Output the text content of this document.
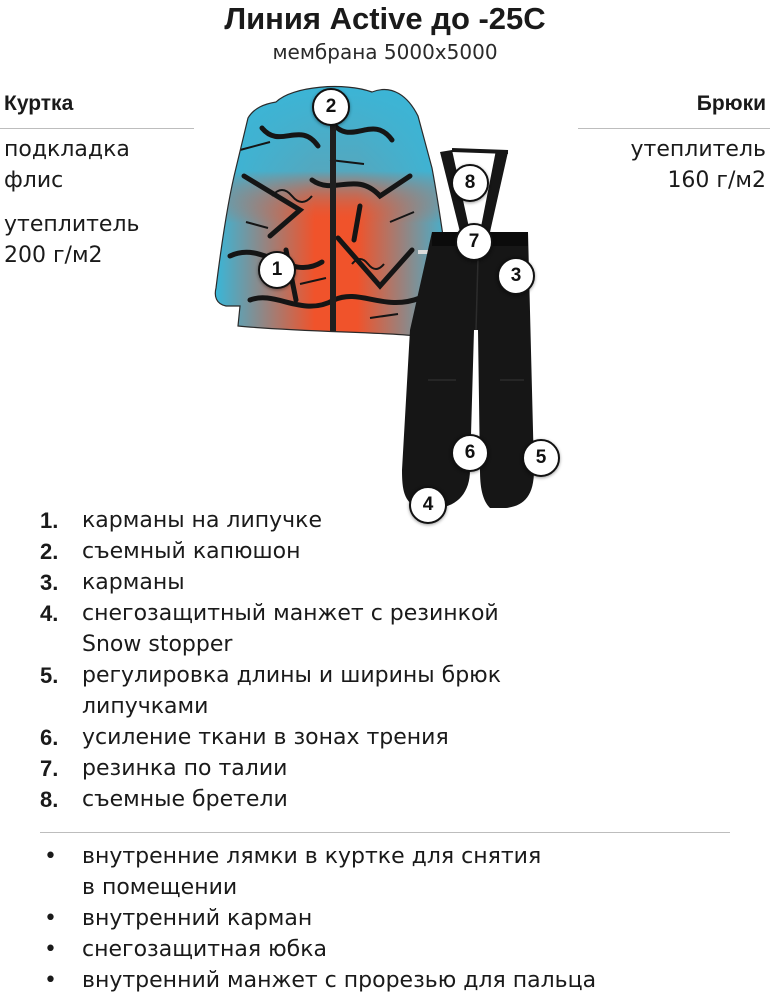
Линия Active до -25С
мембрана 5000х5000
Куртка
подкладка
флис
утеплитель
200 г/м2
Брюки
утеплитель
160 г/м2
1
2
3
4
5
6
7
8
1.	карманы на липучке
2.	съемный капюшон
3.	карманы
4.	снегозащитный манжет с резинкой
Snow stopper
5.	регулировка длины и ширины брюк
липучками
6.	усиление ткани в зонах трения
7.	резинка по талии
8.	съемные бретели
• внутренние лямки в куртке для снятия
в помещении
• внутренний карман
• снегозащитная юбка
• внутренний манжет с прорезью для пальца
